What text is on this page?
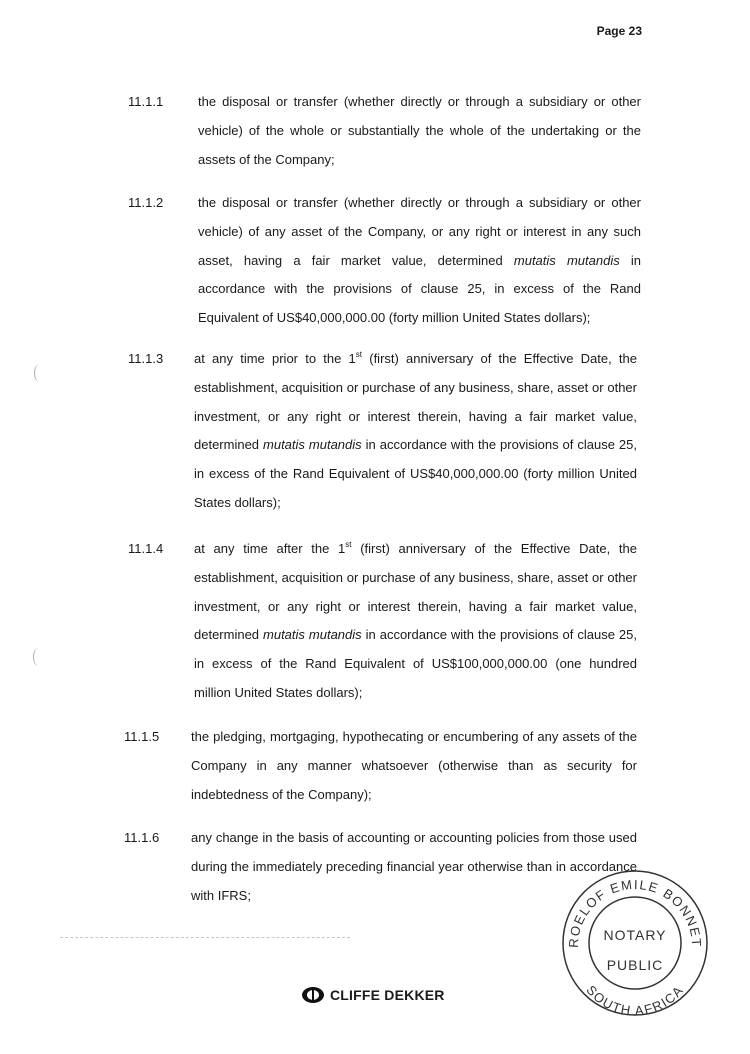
Page 23
11.1.1	the disposal or transfer (whether directly or through a subsidiary or other vehicle) of the whole or substantially the whole of the undertaking or the assets of the Company;

11.1.2	the disposal or transfer (whether directly or through a subsidiary or other vehicle) of any asset of the Company, or any right or interest in any such asset, having a fair market value, determined mutatis mutandis in accordance with the provisions of clause 25, in excess of the Rand Equivalent of US$40,000,000.00 (forty million United States dollars);

11.1.3 at any time prior to the 1st (first) anniversary of the Effective Date, the establishment, acquisition or purchase of any business, share, asset or other investment, or any right or interest therein, having a fair market value, determined mutatis mutandis in accordance with the provisions of clause 25, in excess of the Rand Equivalent of US$40,000,000.00 (forty million United States dollars);

11.1.4 at any time after the 1st (first) anniversary of the Effective Date, the establishment, acquisition or purchase of any business, share, asset or other investment, or any right or interest therein, having a fair market value, determined mutatis mutandis in accordance with the provisions of clause 25, in excess of the Rand Equivalent of US$100,000,000.00 (one hundred million United States dollars);

11.1.5 the pledging, mortgaging, hypothecating or encumbering of any assets of the Company in any manner whatsoever (otherwise than as security for indebtedness of the Company);

11.1.6 any change in the basis of accounting or accounting policies from those used during the immediately preceding financial year otherwise than in accordance with IFRS;

CLIFFE DEKKER
ROELOF EMILE BONNET
SOUTH AFRICA
NOTARY
PUBLIC
